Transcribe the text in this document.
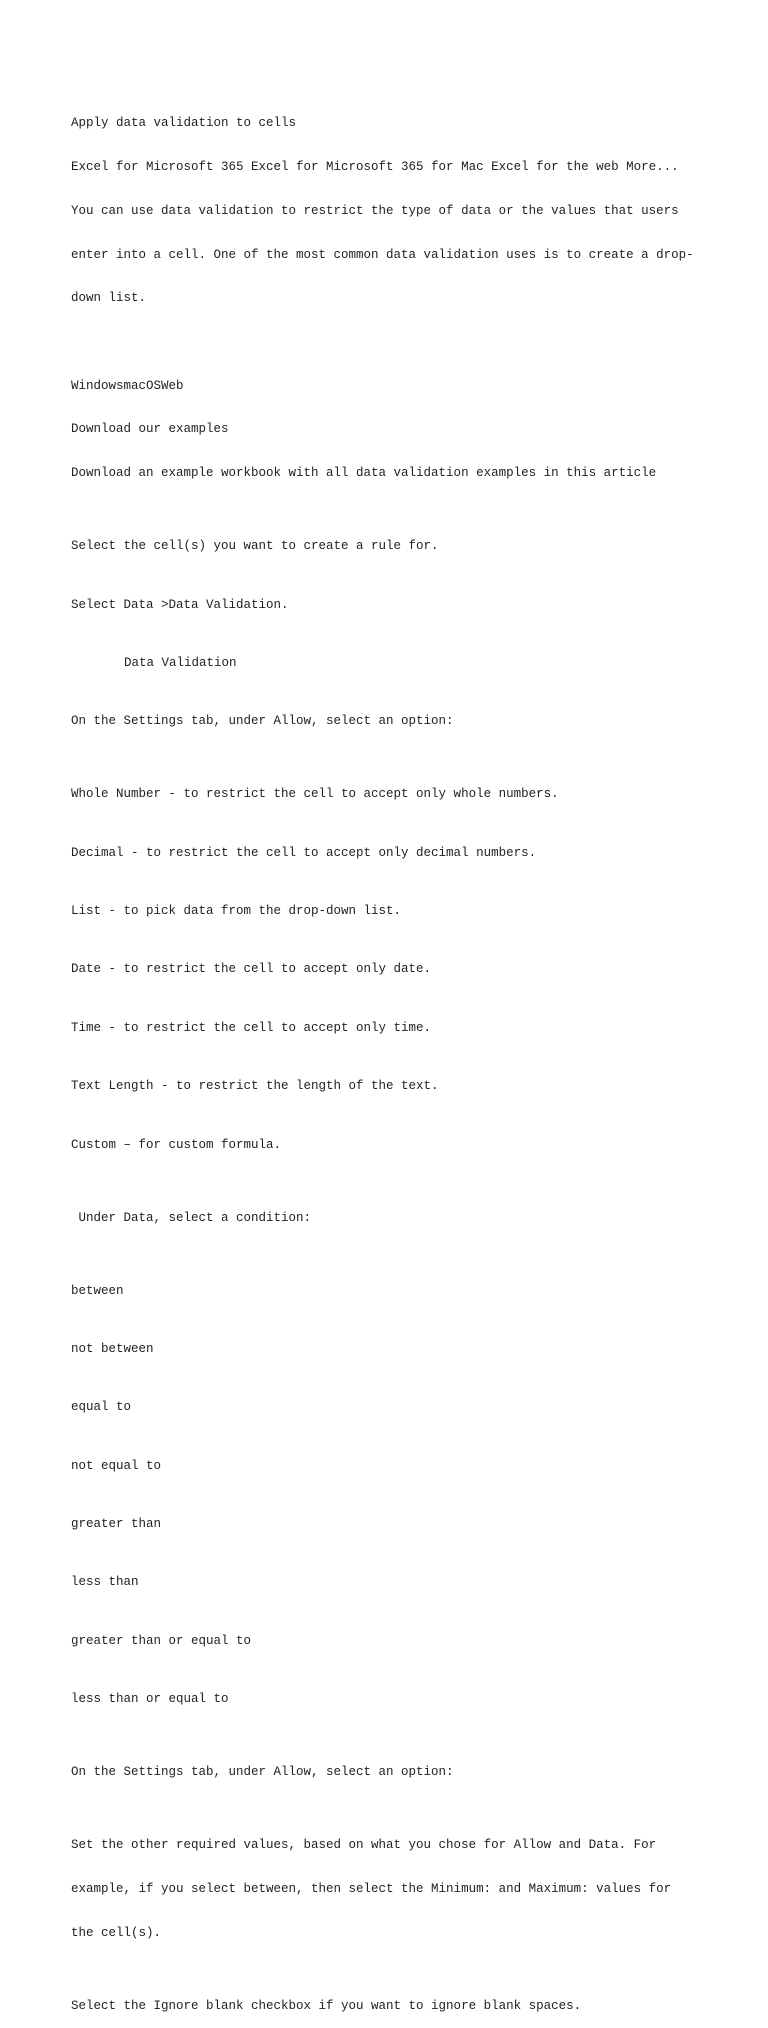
Apply data validation to cells

Excel for Microsoft 365 Excel for Microsoft 365 for Mac Excel for the web More...

You can use data validation to restrict the type of data or the values that users

enter into a cell. One of the most common data validation uses is to create a drop-

down list.

WindowsmacOSWeb

Download our examples

Download an example workbook with all data validation examples in this article

Select the cell(s) you want to create a rule for.

Select Data >Data Validation.

Data Validation

On the Settings tab, under Allow, select an option:

Whole Number - to restrict the cell to accept only whole numbers.

Decimal - to restrict the cell to accept only decimal numbers.

List - to pick data from the drop-down list.

Date - to restrict the cell to accept only date.

Time - to restrict the cell to accept only time.

Text Length - to restrict the length of the text.

Custom – for custom formula.

Under Data, select a condition:

between

not between

equal to

not equal to

greater than

less than

greater than or equal to

less than or equal to

On the Settings tab, under Allow, select an option:

Set the other required values, based on what you chose for Allow and Data. For

example, if you select between, then select the Minimum: and Maximum: values for

the cell(s).

Select the Ignore blank checkbox if you want to ignore blank spaces.
